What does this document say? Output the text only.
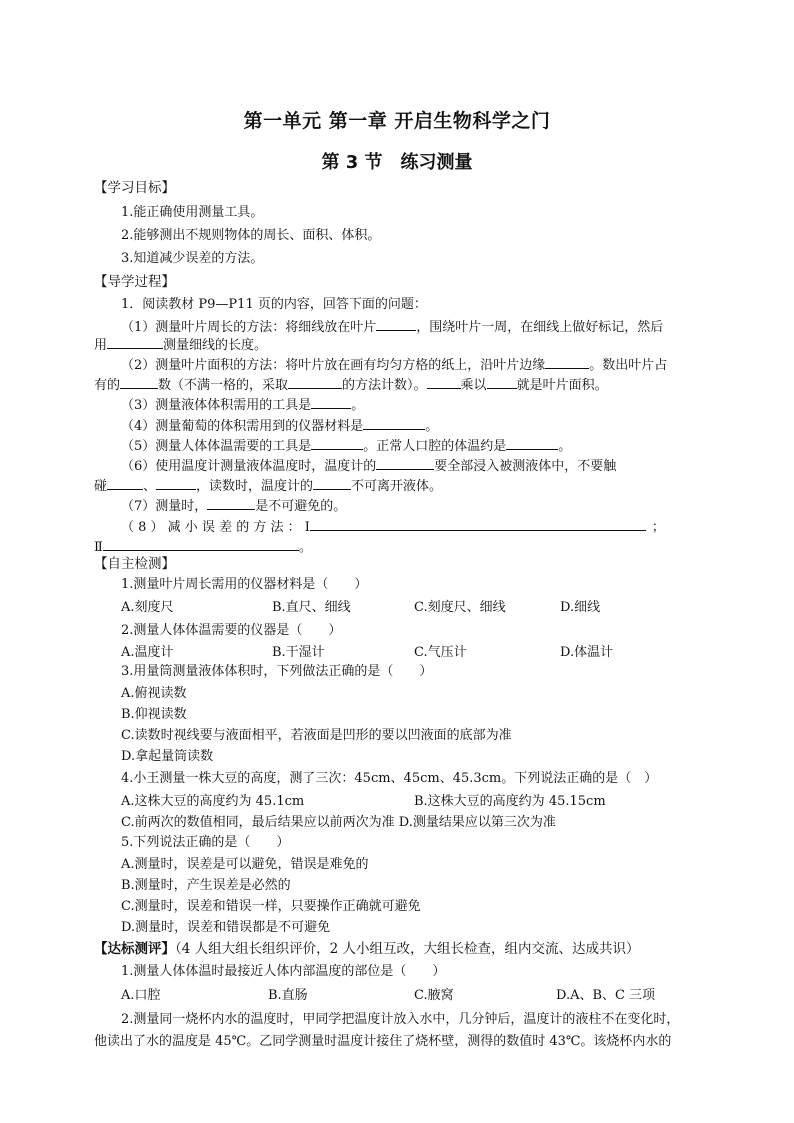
第一单元 第一章 开启生物科学之门
第 3 节　练习测量
【学习目标】
1.能正确使用测量工具。
2.能够测出不规则物体的周长、面积、体积。
3.知道减少误差的方法。
【导学过程】
1．阅读教材 P9—P11 页的内容，回答下面的问题：
（1）测量叶片周长的方法：将细线放在叶片	，围绕叶片一周，在细线上做好标记，然后
用	测量细线的长度。
（2）测量叶片面积的方法：将叶片放在画有均匀方格的纸上，沿叶片边缘	。数出叶片占
有的	数（不满一格的，采取	的方法计数）。	乘以 就是叶片面积。
（3）测量液体体积需用的工具是	。
（4）测量葡萄的体积需用到的仪器材料是	。
（5）测量人体体温需要的工具是	。正常人口腔的体温约是	。
（6）使用温度计测量液体温度时，温度计的	要全部浸入被测液体中，不要触
碰	、	，读数时，温度计的	不可离开液体。
（7）测量时，	是不可避免的。
（ 8 ） 减 小 误 差 的 方 法 ： Ⅰ	；
Ⅱ	。
【自主检测】
1.测量叶片周长需用的仪器材料是（　　）
A.刻度尺	B.直尺、细线	C.刻度尺、细线	D.细线
2.测量人体体温需要的仪器是（　　）
A.温度计	B.干湿计	C.气压计	D.体温计
3.用量筒测量液体体积时，下列做法正确的是（　　）
A.俯视读数
B.仰视读数
C.读数时视线要与液面相平，若液面是凹形的要以凹液面的底部为准
D.拿起量筒读数
4.小王测量一株大豆的高度，测了三次：45cm、45cm、45.3cm。下列说法正确的是（　）
A.这株大豆的高度约为 45.1cm	B.这株大豆的高度约为 45.15cm
C.前两次的数值相同，最后结果应以前两次为准 D.测量结果应以第三次为准
5.下列说法正确的是（　　）
A.测量时，误差是可以避免，错误是难免的
B.测量时，产生误差是必然的
C.测量时，误差和错误一样，只要操作正确就可避免
D.测量时，误差和错误都是不可避免
【达标测评】（4 人组大组长组织评价，2 人小组互改，大组长检查，组内交流、达成共识）
1.测量人体体温时最接近人体内部温度的部位是（　　）
A.口腔	B.直肠	C.腋窝	D.A、B、C 三项
2.测量同一烧杯内水的温度时，甲同学把温度计放入水中，几分钟后，温度计的液柱不在变化时，
他读出了水的温度是 45℃。乙同学测量时温度计接住了烧杯壁，测得的数值时 43℃。该烧杯内水的
